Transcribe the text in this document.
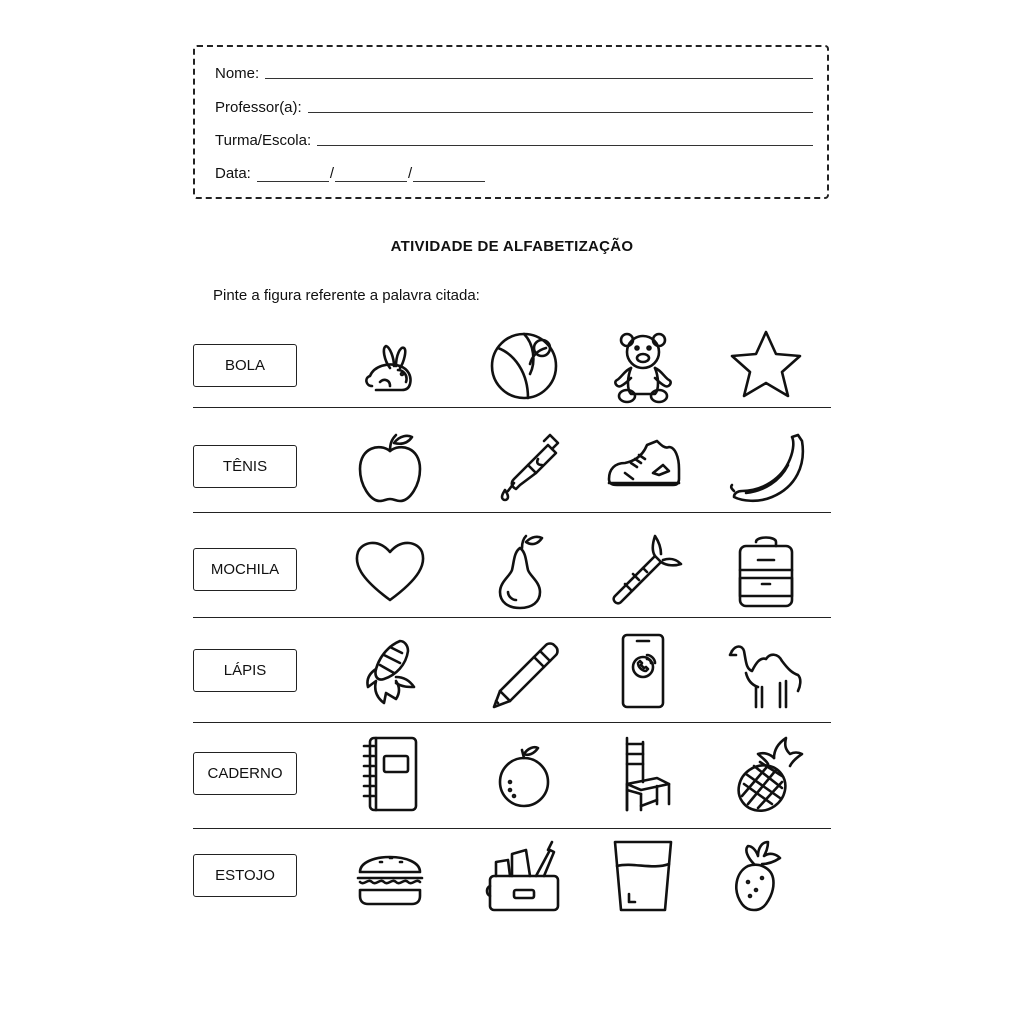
Nome:
Professor(a):
Turma/Escola:
Data:	/	/
ATIVIDADE DE ALFABETIZAÇÃO
Pinte a figura referente a palavra citada:
BOLA
TÊNIS
MOCHILA
LÁPIS
CADERNO
ESTOJO
